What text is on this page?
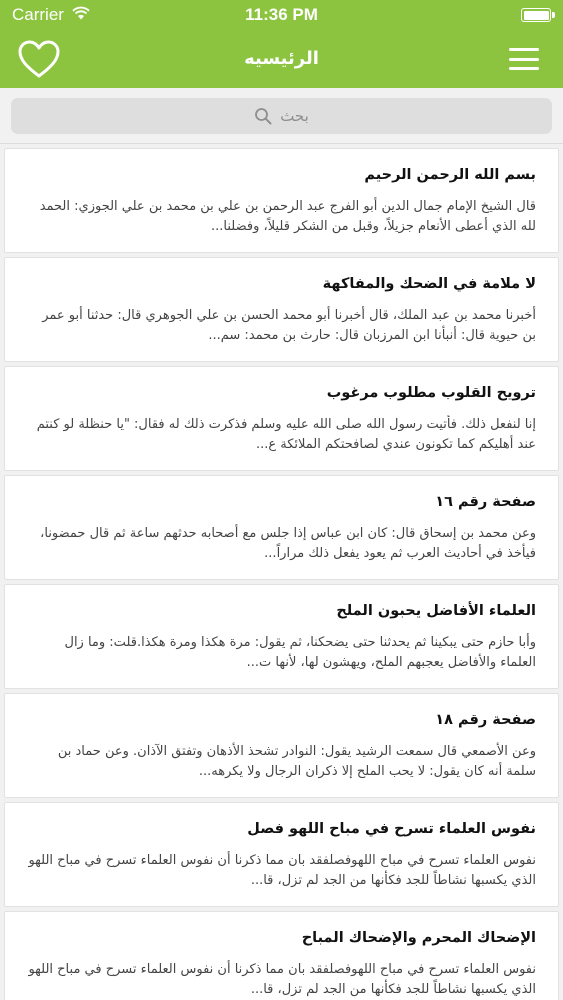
Carrier	11:36 PM
الرئيسيه
بحث
بسم الله الرحمن الرحيم
قال الشيخ الإمام جمال الدين أبو الفرج عبد الرحمن بن علي بن محمد بن علي الجوزي: الحمد لله الذي أعطى الأنعام جزيلاً، وقبل من الشكر قليلاً، وفضلنا...
لا ملامة في الضحك والمفاكهة
أخبرنا محمد بن عبد الملك، قال أخبرنا أبو محمد الحسن بن علي الجوهري قال: حدثنا أبو عمر بن حيوية قال: أنبأنا ابن المرزبان قال: حارث بن محمد: سم...
ترويح القلوب مطلوب مرغوب
إنا لنفعل ذلك. فأتيت رسول الله صلى الله عليه وسلم فذكرت ذلك له فقال: "يا حنظلة لو كنتم عند أهليكم كما تكونون عندي لصافحتكم الملائكة ع...
صفحة رقم ١٦
وعن محمد بن إسحاق قال: كان ابن عباس إذا جلس مع أصحابه حدثهم ساعة ثم قال حمضونا، فيأخذ في أحاديث العرب ثم يعود يفعل ذلك مراراً...
العلماء الأفاضل يحبون الملح
وأبا حازم حتى يبكينا ثم يحدثنا حتى يضحكنا، ثم يقول: مرة هكذا ومرة هكذا.قلت: وما زال العلماء والأفاضل يعجبهم الملح، ويهشون لها، لأنها ت...
صفحة رقم ١٨
وعن الأصمعي قال سمعت الرشيد يقول: النوادر تشحذ الأذهان وتفتق الآذان. وعن حماد بن سلمة أنه كان يقول: لا يحب الملح إلا ذكران الرجال ولا يكرهه...
نفوس العلماء تسرح في مباح اللهو فصل
نفوس العلماء تسرح في مباح اللهوفصلفقد بان مما ذكرنا أن نفوس العلماء تسرح في مباح اللهو الذي يكسبها نشاطاً للجد فكأنها من الجد لم تزل، قا...
الإضحاك المحرم والإضحاك المباح
نفوس العلماء تسرح في مباح اللهوفصلفقد بان مما ذكرنا أن نفوس العلماء تسرح في مباح اللهو الذي يكسبها نشاطاً للجد فكأنها من الجد لم تزل، قا...
